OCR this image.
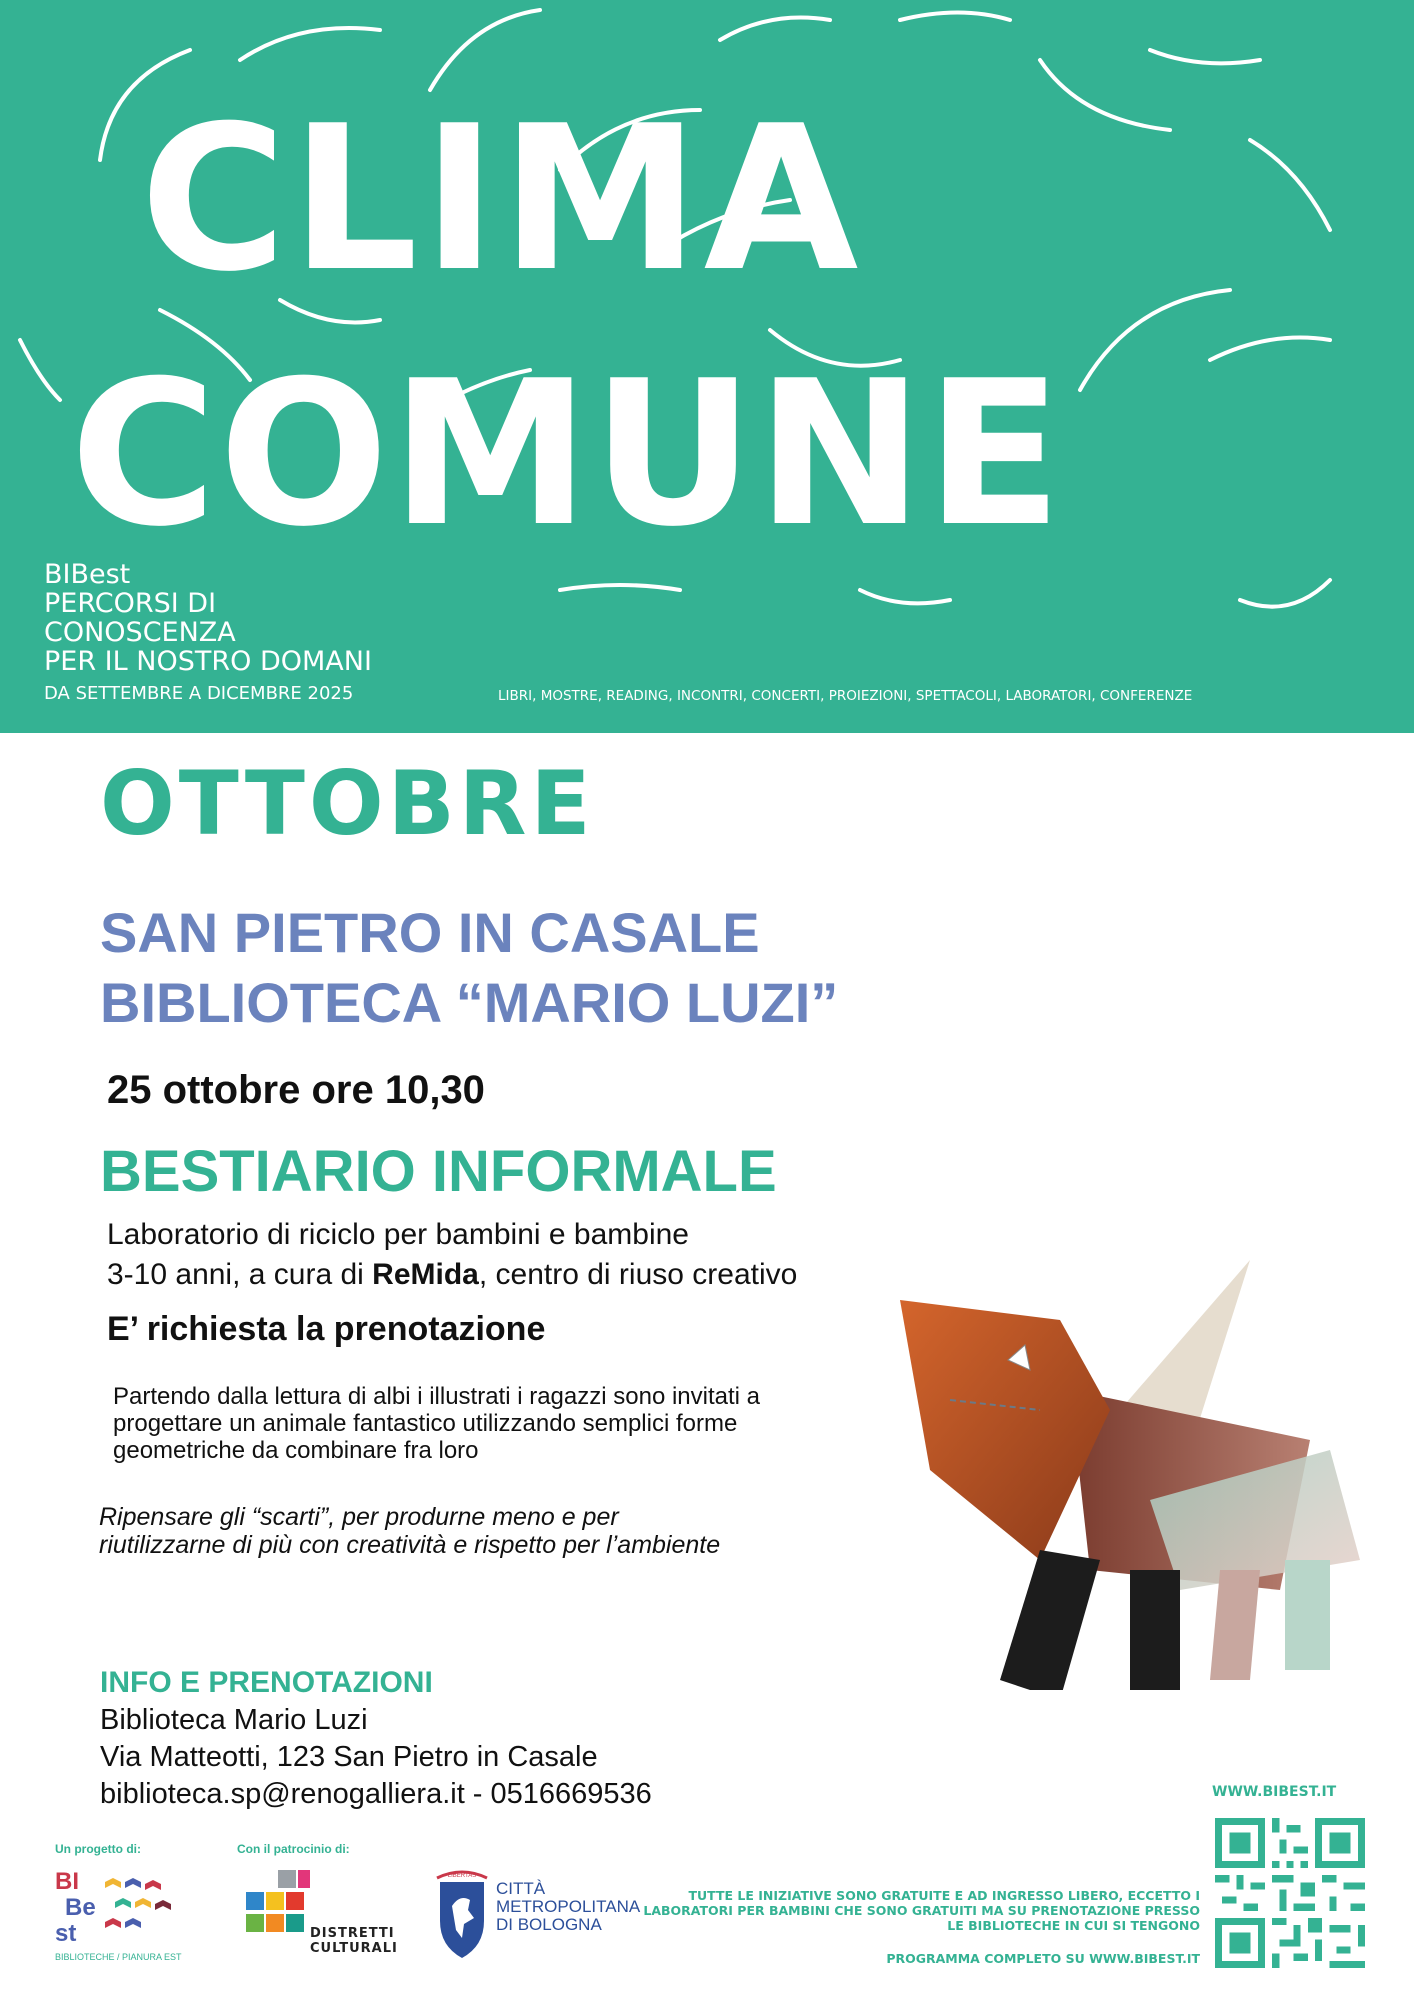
CLIMA
COMUNE
BIBest
PERCORSI DI
CONOSCENZA
PER IL NOSTRO DOMANI
DA SETTEMBRE A DICEMBRE 2025	LIBRI, MOSTRE, READING, INCONTRI, CONCERTI, PROIEZIONI, SPETTACOLI, LABORATORI, CONFERENZE
OTTOBRE
SAN PIETRO IN CASALE
BIBLIOTECA “MARIO LUZI”
25 ottobre ore 10,30
BESTIARIO INFORMALE
Laboratorio di riciclo per bambini e bambine
3-10 anni, a cura di ReMida, centro di riuso creativo
E’ richiesta la prenotazione
Partendo dalla lettura di albi i illustrati i ragazzi sono invitati a progettare un animale fantastico utilizzando semplici forme geometriche da combinare fra loro
Ripensare gli “scarti”, per produrne meno e per riutilizzarne di più con creatività e rispetto per l’ambiente
INFO E PRENOTAZIONI
Biblioteca Mario Luzi
Via Matteotti, 123 San Pietro in Casale
biblioteca.sp@renogalliera.it - 0516669536	WWW.BIBEST.IT
TUTTE LE INIZIATIVE SONO GRATUITE E AD INGRESSO LIBERO, ECCETTO I LABORATORI PER BAMBINI CHE SONO GRATUITI MA SU PRENOTAZIONE PRESSO LE BIBLIOTECHE IN CUI SI TENGONO
PROGRAMMA COMPLETO SU WWW.BIBEST.IT
Un progetto di:	Con il patrocinio di:
BI
Be
st
BIBLIOTECHE / PIANURA EST
DISTRETTI
CULTURALI
LIBERTAS
CITTÀ
METROPOLITANA
DI BOLOGNA
